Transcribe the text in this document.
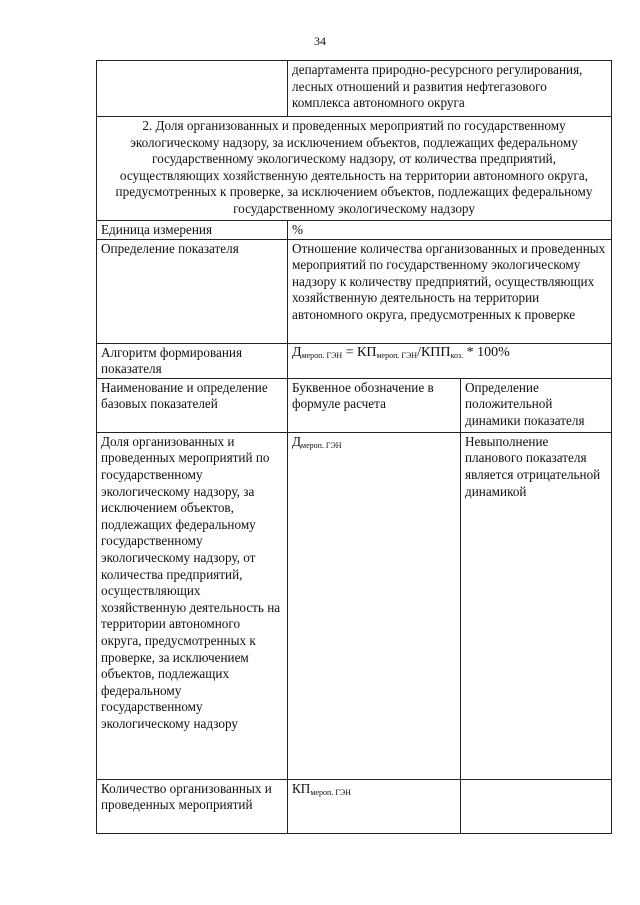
34
	департамента природно-ресурсного регулирования, лесных отношений и развития нефтегазового комплекса автономного округа	
2. Доля организованных и проведенных мероприятий по государственному экологическому надзору, за исключением объектов, подлежащих федеральному государственному экологическому надзору, от количества предприятий, осуществляющих хозяйственную деятельность на территории автономного округа, предусмотренных к проверке, за исключением объектов, подлежащих федеральному государственному экологическому надзору		
Единица измерения	%	
Определение показателя	Отношение количества организованных и проведенных мероприятий по государственному экологическому надзору к количеству предприятий, осуществляющих хозяйственную деятельность на территории автономного округа, предусмотренных к проверке	
Алгоритм формирования показателя	$Д_{мероп. ГЭН} = КП_{мероп. ГЭН}/КПП_{коз.} * 100\%$	
Наименование и определение базовых показателей	Буквенное обозначение в формуле расчета	Определение положительной динамики показателя
Доля организованных и проведенных мероприятий по государственному экологическому надзору, за исключением объектов, подлежащих федеральному государственному экологическому надзору, от количества предприятий, осуществляющих хозяйственную деятельность на территории автономного округа, предусмотренных к проверке, за исключением объектов, подлежащих федеральному государственному экологическому надзору	$Д_{мероп. ГЭН}$	Невыполнение планового показателя является отрицательной динамикой
Количество организованных и проведенных мероприятий	$КП_{мероп. ГЭН}$	
